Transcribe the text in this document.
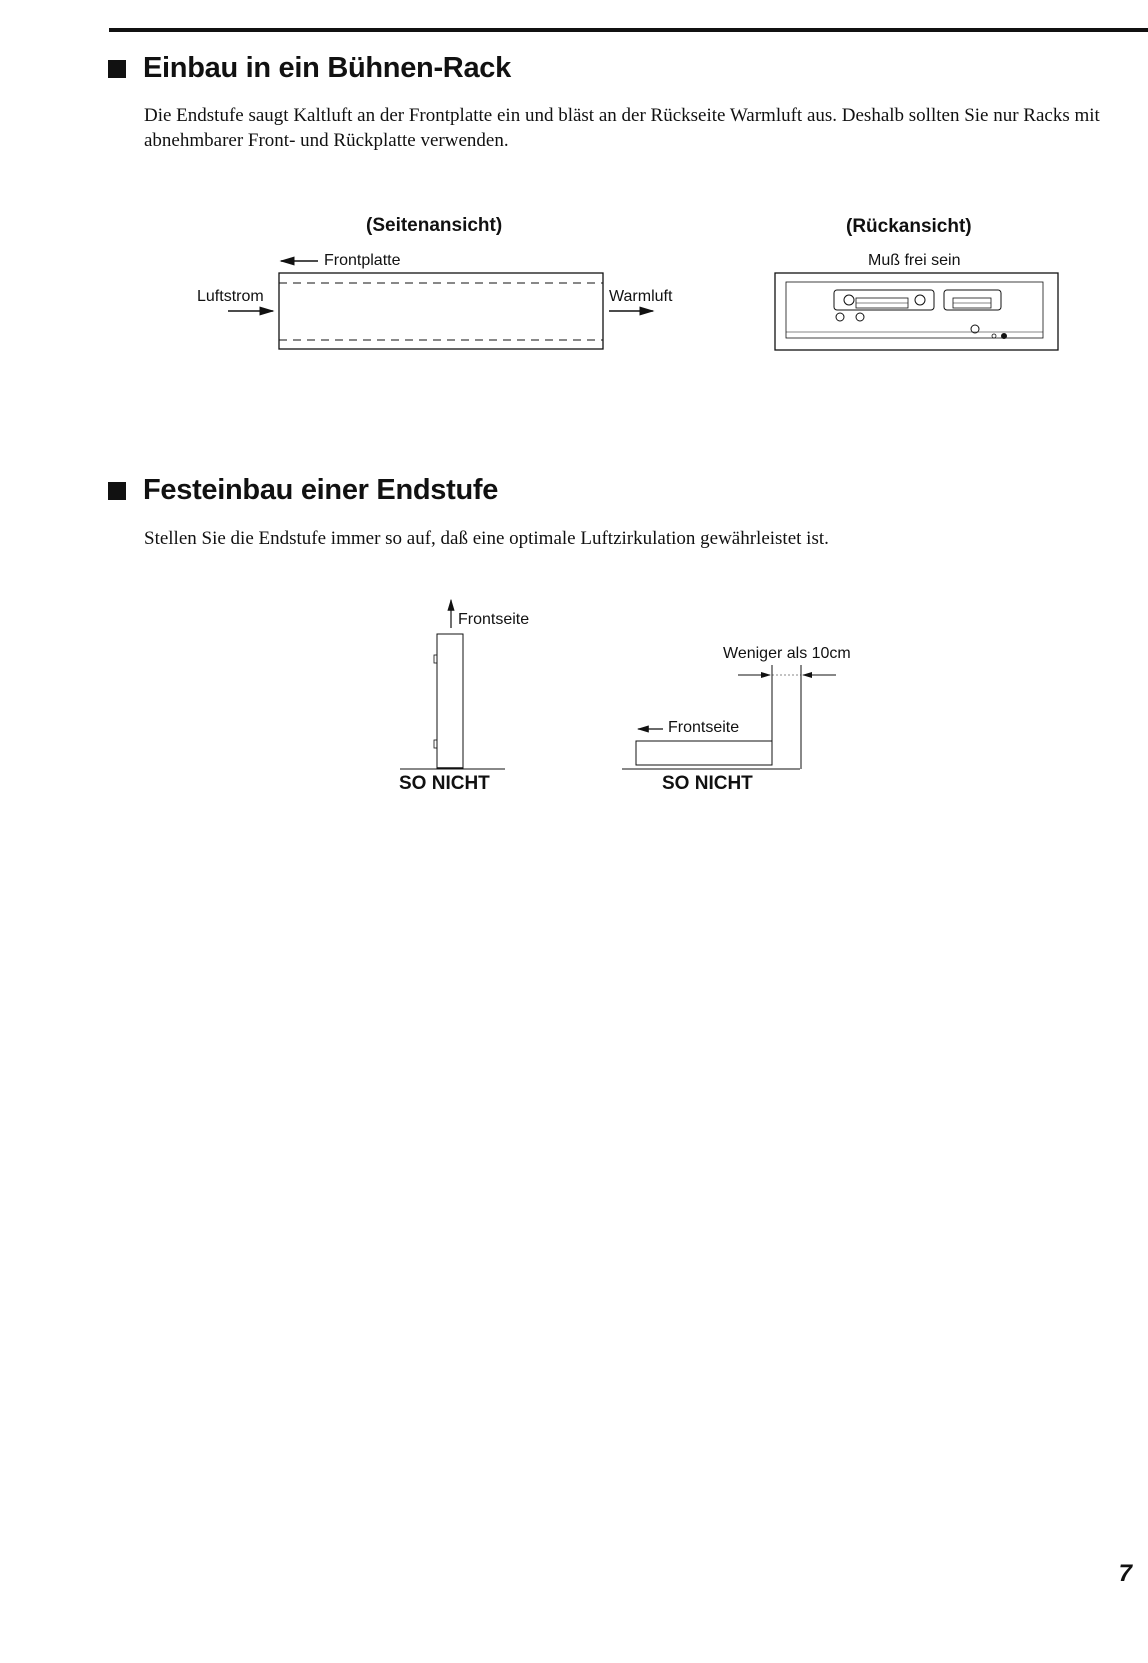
Einbau in ein Bühnen-Rack

Die Endstufe saugt Kaltluft an der Frontplatte ein und bläst an der Rückseite Warmluft aus. Deshalb sollten Sie nur Racks mit abnehmbarer Front- und Rückplatte verwenden.

(Seitenansicht)	(Rückansicht)
Frontplatte
Luftstrom	Warmluft
Muß frei sein
Festeinbau einer Endstufe

Stellen Sie die Endstufe immer so auf, daß eine optimale Luftzirkulation gewährleistet ist.

Frontseite
Weniger als 10cm
Frontseite
SO NICHT	SO NICHT
7
